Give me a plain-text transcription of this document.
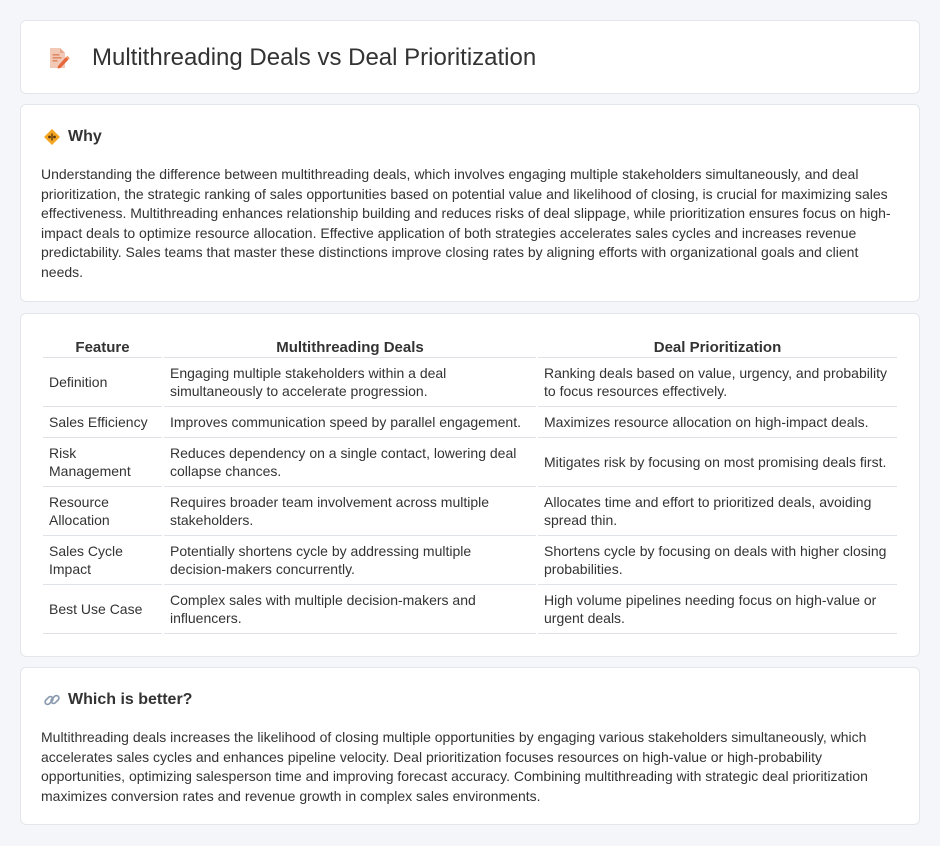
Multithreading Deals vs Deal Prioritization
Why

Understanding the difference between multithreading deals, which involves engaging multiple stakeholders simultaneously, and deal prioritization, the strategic ranking of sales opportunities based on potential value and likelihood of closing, is crucial for maximizing sales effectiveness. Multithreading enhances relationship building and reduces risks of deal slippage, while prioritization ensures focus on high-impact deals to optimize resource allocation. Effective application of both strategies accelerates sales cycles and increases revenue predictability. Sales teams that master these distinctions improve closing rates by aligning efforts with organizational goals and client needs.

Feature	Multithreading Deals	Deal Prioritization
Definition	Engaging multiple stakeholders within a deal simultaneously to accelerate progression.	Ranking deals based on value, urgency, and probability to focus resources effectively.
Sales Efficiency	Improves communication speed by parallel engagement.	Maximizes resource allocation on high-impact deals.
Risk Management	Reduces dependency on a single contact, lowering deal collapse chances.	Mitigates risk by focusing on most promising deals first.
Resource Allocation	Requires broader team involvement across multiple stakeholders.	Allocates time and effort to prioritized deals, avoiding spread thin.
Sales Cycle Impact	Potentially shortens cycle by addressing multiple decision-makers concurrently.	Shortens cycle by focusing on deals with higher closing probabilities.
Best Use Case	Complex sales with multiple decision-makers and influencers.	High volume pipelines needing focus on high-value or urgent deals.
Which is better?

Multithreading deals increases the likelihood of closing multiple opportunities by engaging various stakeholders simultaneously, which accelerates sales cycles and enhances pipeline velocity. Deal prioritization focuses resources on high-value or high-probability opportunities, optimizing salesperson time and improving forecast accuracy. Combining multithreading with strategic deal prioritization maximizes conversion rates and revenue growth in complex sales environments.
